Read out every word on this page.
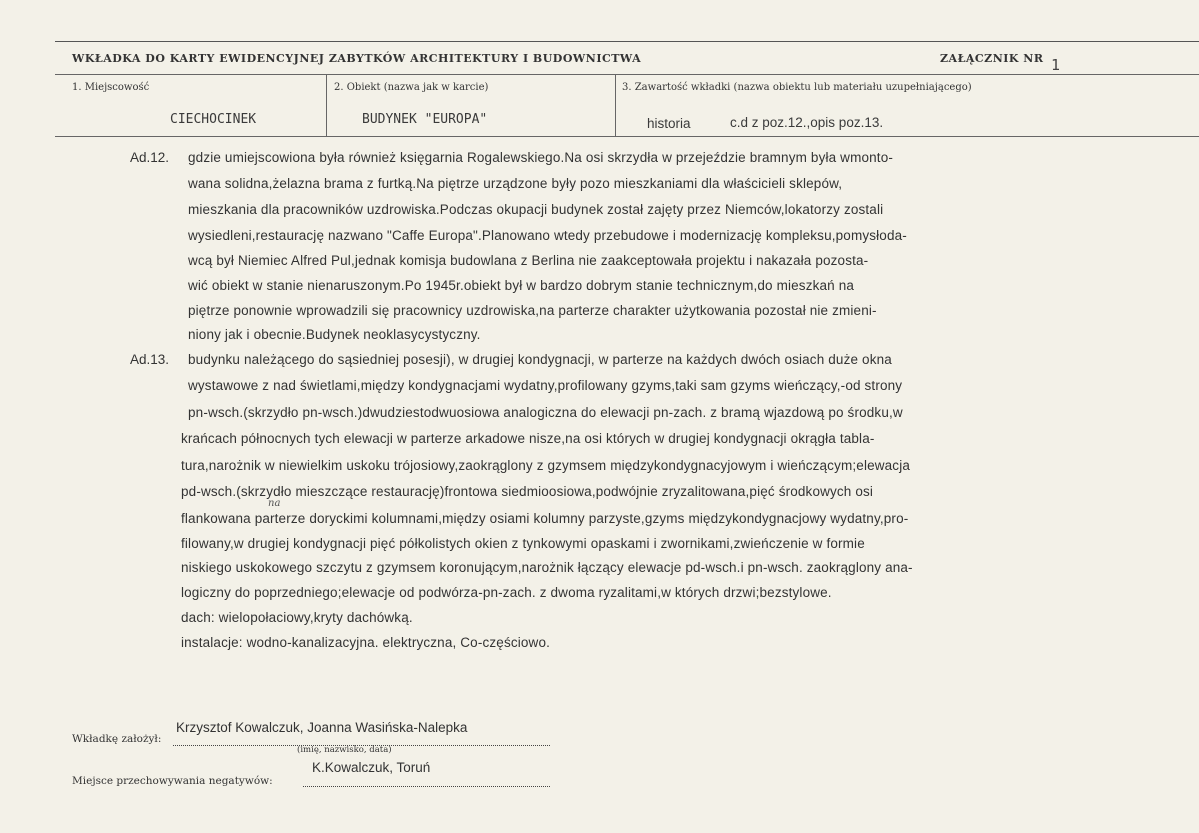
WKŁADKA DO KARTY EWIDENCYJNEJ ZABYTKÓW ARCHITEKTURY I BUDOWNICTWA	ZAŁĄCZNIK NR 1
1. Miejscowość	2. Obiekt (nazwa jak w karcie)	3. Zawartość wkładki (nazwa obiektu lub materiału uzupełniającego)
CIECHOCINEK	BUDYNEK "EUROPA"	historia	c.d z poz.12.,opis poz.13.
Ad.12. gdzie umiejscowiona była również księgarnia Rogalewskiego.Na osi skrzydła w przejeździe bramnym była wmonto-
wana solidna,żelazna brama z furtką.Na piętrze urządzone były pozo mieszkaniami dla właścicieli sklepów,
mieszkania dla pracowników uzdrowiska.Podczas okupacji budynek został zajęty przez Niemców,lokatorzy zostali
wysiedleni,restaurację nazwano "Caffe Europa".Planowano wtedy przebudowe i modernizację kompleksu,pomysłoda-
wcą był Niemiec Alfred Pul,jednak komisja budowlana z Berlina nie zaakceptowała projektu i nakazała pozosta-
wić obiekt w stanie nienaruszonym.Po 1945r.obiekt był w bardzo dobrym stanie technicznym,do mieszkań na
piętrze ponownie wprowadzili się pracownicy uzdrowiska,na parterze charakter użytkowania pozostał nie zmieni-
niony jak i obecnie.Budynek neoklasycystyczny.
Ad.13. budynku należącego do sąsiedniej posesji), w drugiej kondygnacji, w parterze na każdych dwóch osiach duże okna
wystawowe z nad świetlami,między kondygnacjami wydatny,profilowany gzyms,taki sam gzyms wieńczący,-od strony
pn-wsch.(skrzydło pn-wsch.)dwudziestodwuosiowa analogiczna do elewacji pn-zach. z bramą wjazdową po środku,w
krańcach północnych tych elewacji w parterze arkadowe nisze,na osi których w drugiej kondygnacji okrągła tabla-
tura,narożnik w niewielkim uskoku trójosiowy,zaokrąglony z gzymsem międzykondygnacyjowym i wieńczącym;elewacja
pd-wsch.(skrzydło mieszczące restaurację)frontowa siedmioosiowa,podwójnie zryzalitowana,pięć środkowych osi
flankowana parterze doryckimi kolumnami,między osiami kolumny parzyste,gzyms międzykondygnacjowy wydatny,pro-
na
filowany,w drugiej kondygnacji pięć półkolistych okien z tynkowymi opaskami i zwornikami,zwieńczenie w formie
niskiego uskokowego szczytu z gzymsem koronującym,narożnik łączący elewacje pd-wsch.i pn-wsch. zaokrąglony ana-
logiczny do poprzedniego;elewacje od podwórza-pn-zach. z dwoma ryzalitami,w których drzwi;bezstylowe.
dach: wielopołaciowy,kryty dachówką.
instalacje: wodno-kanalizacyjna. elektryczna, Co-częściowo.
Wkładkę założył:
Krzysztof Kowalczuk, Joanna Wasińska-Nalepka
(imię, nazwisko, data)
Miejsce przechowywania negatywów:
K.Kowalczuk, Toruń
